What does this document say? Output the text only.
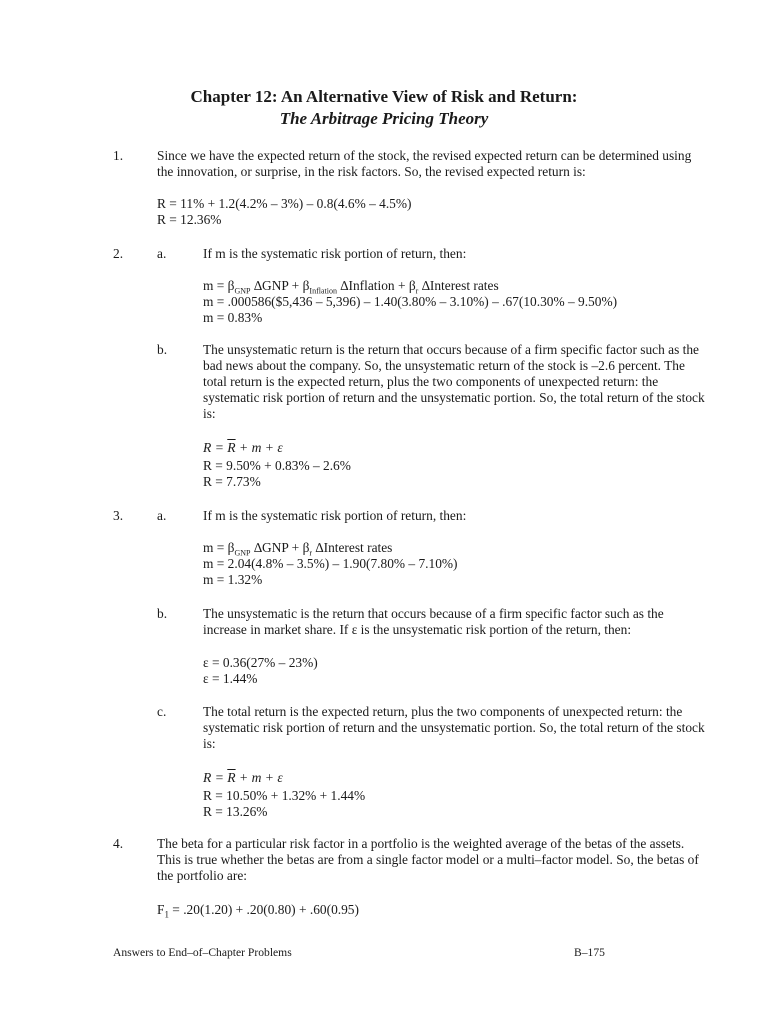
Chapter 12: An Alternative View of Risk and Return:
The Arbitrage Pricing Theory
1.	Since we have the expected return of the stock, the revised expected return can be determined using
the innovation, or surprise, in the risk factors. So, the revised expected return is:
R = 11% + 1.2(4.2% – 3%) – 0.8(4.6% – 4.5%)
R = 12.36%
2.	a.	If m is the systematic risk portion of return, then:
$m = \beta_{GNP}$ $\Delta GNP + \beta_{Inflation}$ ∆Inflation + $\beta_r$ ∆Interest rates
m = .000586($5,436 – 5,396) – 1.40(3.80% – 3.10%) – .67(10.30% – 9.50%)
m = 0.83%
b.	The unsystematic return is the return that occurs because of a firm specific factor such as the
bad news about the company. So, the unsystematic return of the stock is –2.6 percent. The
total return is the expected return, plus the two components of unexpected return: the
systematic risk portion of return and the unsystematic portion. So, the total return of the stock
is:
$R = \overline{R} + m + \varepsilon$
R = 9.50% + 0.83% – 2.6%
R = 7.73%
3.	a.	If m is the systematic risk portion of return, then:
$m = \beta_{GNP}$ $\Delta GNP + \beta_r$ ∆Interest rates
m = 2.04(4.8% – 3.5%) – 1.90(7.80% – 7.10%)
m = 1.32%
b.	The unsystematic is the return that occurs because of a firm specific factor such as the
increase in market share. If ε is the unsystematic risk portion of the return, then:
ε = 0.36(27% – 23%)
ε = 1.44%
c.	The total return is the expected return, plus the two components of unexpected return: the
systematic risk portion of return and the unsystematic portion. So, the total return of the stock
is:
$R = \overline{R} + m + \varepsilon$
R = 10.50% + 1.32% + 1.44%
R = 13.26%
4.	The beta for a particular risk factor in a portfolio is the weighted average of the betas of the assets.
This is true whether the betas are from a single factor model or a multi–factor model. So, the betas of
the portfolio are:
$F_1 = .20(1.20) + .20(0.80) + .60(0.95)$
Answers to End–of–Chapter Problems	B–175
